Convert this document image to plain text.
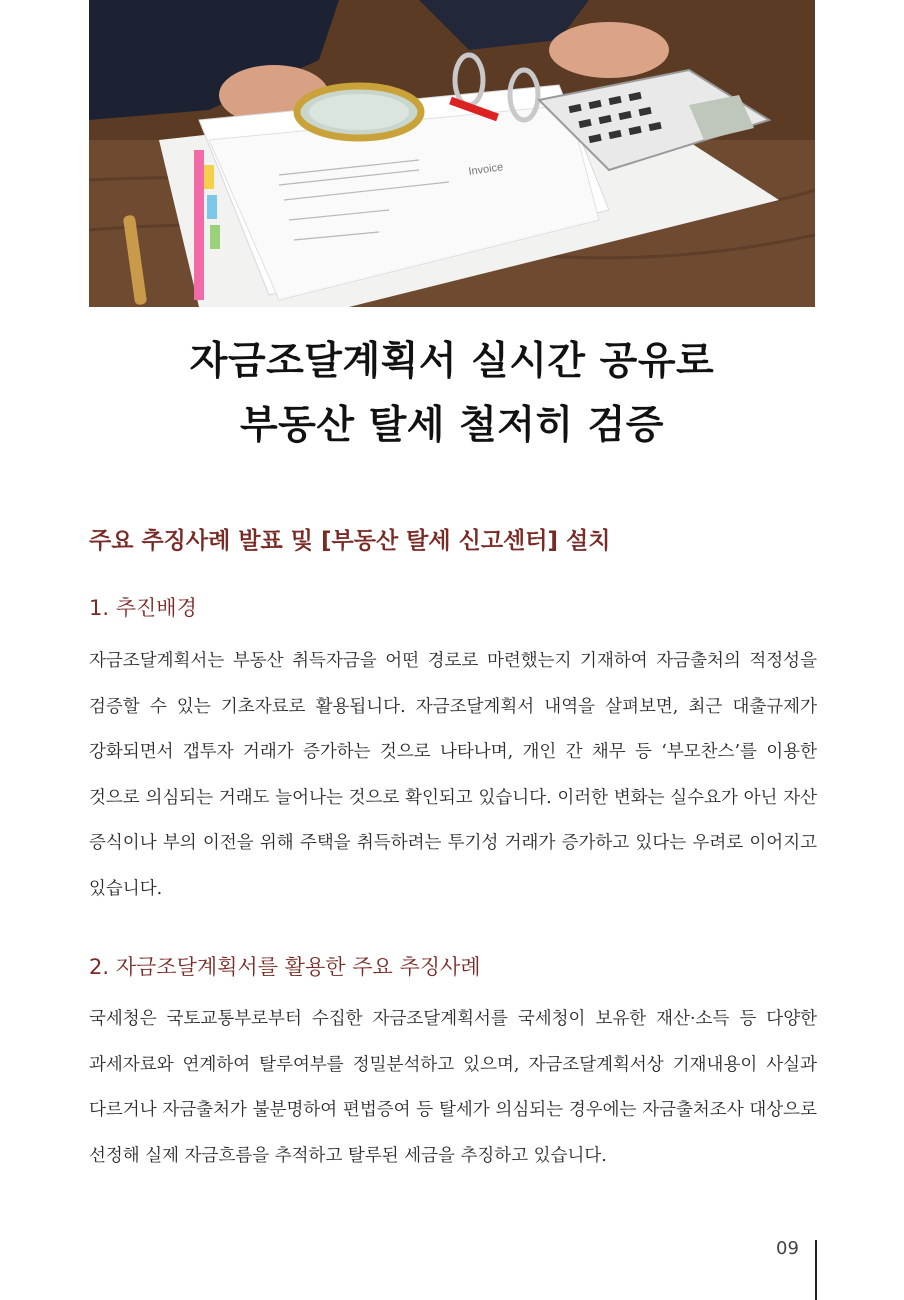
Invoice
자금조달계획서 실시간 공유로
부동산 탈세 철저히 검증
주요 추징사례 발표 및 [부동산 탈세 신고센터] 설치
1. 추진배경
자금조달계획서는 부동산 취득자금을 어떤 경로로 마련했는지 기재하여 자금출처의 적정성을 검증할 수 있는 기초자료로 활용됩니다. 자금조달계획서 내역을 살펴보면, 최근 대출규제가 강화되면서 갭투자 거래가 증가하는 것으로 나타나며, 개인 간 채무 등 ‘부모찬스’를 이용한 것으로 의심되는 거래도 늘어나는 것으로 확인되고 있습니다. 이러한 변화는 실수요가 아닌 자산 증식이나 부의 이전을 위해 주택을 취득하려는 투기성 거래가 증가하고 있다는 우려로 이어지고 있습니다.
2. 자금조달계획서를 활용한 주요 추징사례
국세청은 국토교통부로부터 수집한 자금조달계획서를 국세청이 보유한 재산·소득 등 다양한 과세자료와 연계하여 탈루여부를 정밀분석하고 있으며, 자금조달계획서상 기재내용이 사실과 다르거나 자금출처가 불분명하여 편법증여 등 탈세가 의심되는 경우에는 자금출처조사 대상으로 선정해 실제 자금흐름을 추적하고 탈루된 세금을 추징하고 있습니다.
09
